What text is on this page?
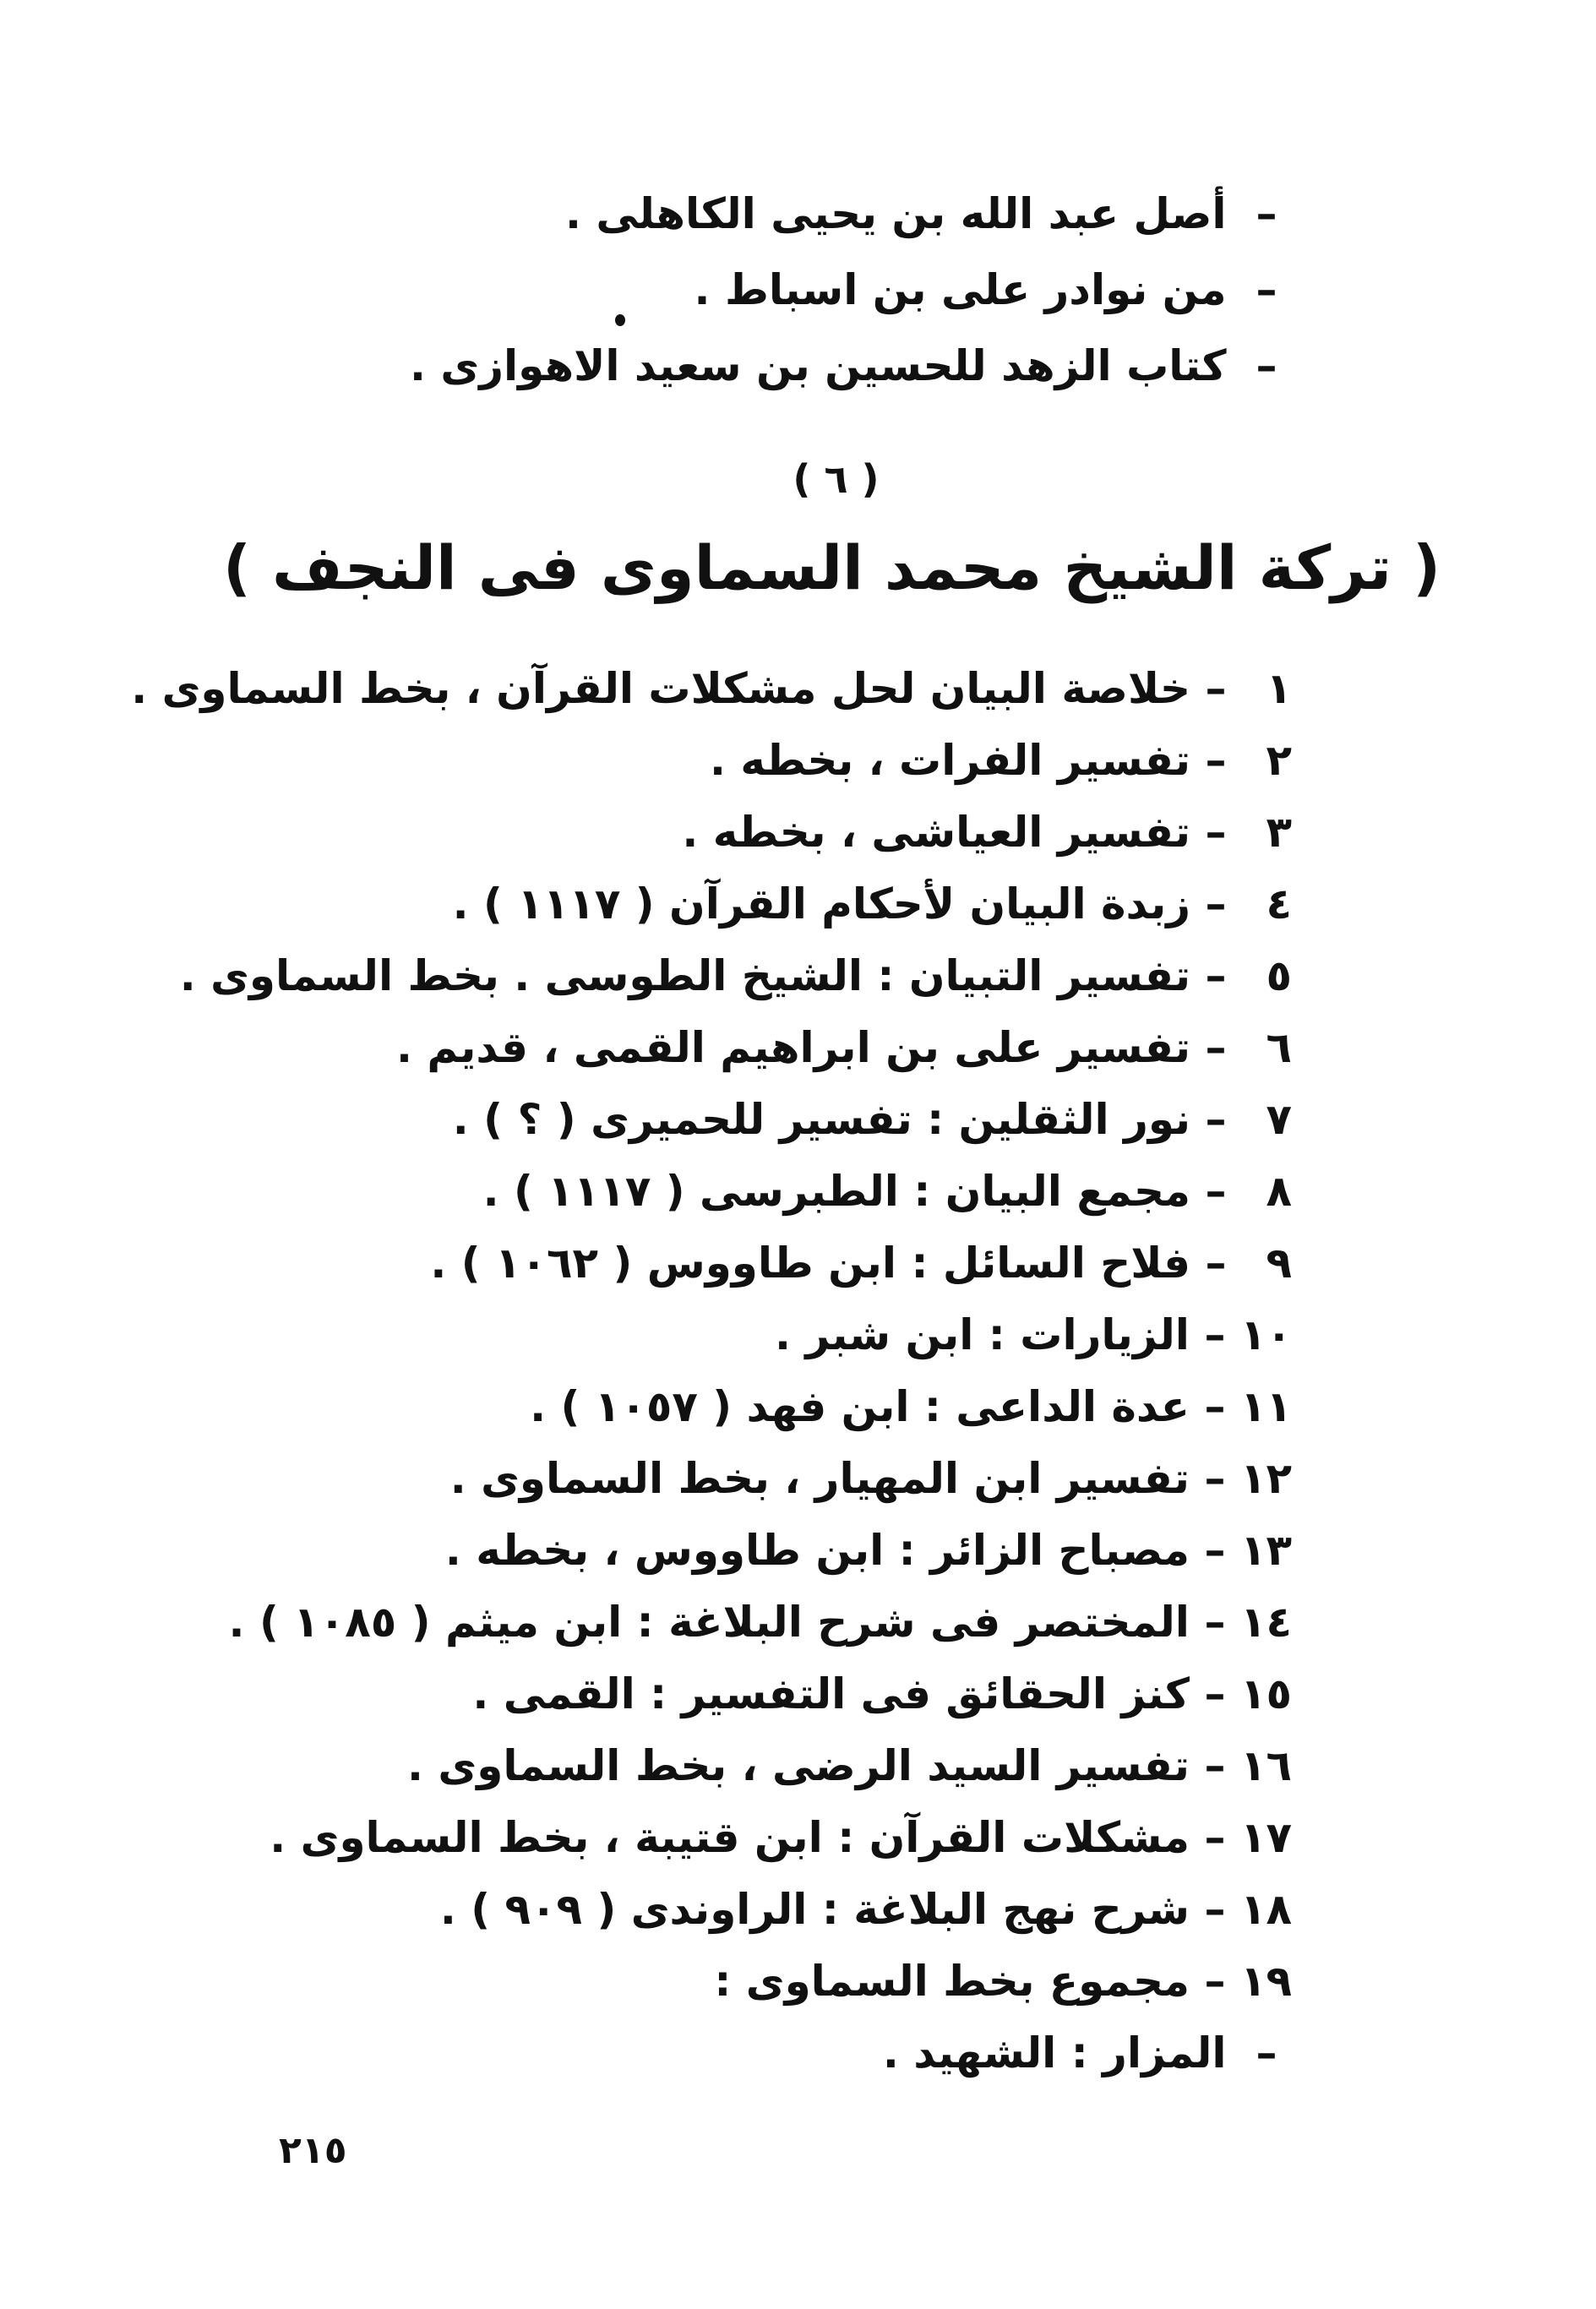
– أصل عبد الله بن يحيى الكاهلى .
– من نوادر على بن اسباط .
– كتاب الزهد للحسين بن سعيد الاهوازى .
( ٦ )
( تركة الشيخ محمد السماوى فى النجف )
١
–
خلاصة البيان لحل مشكلات القرآن ، بخط السماوى .
٢
–
تفسير الفرات ، بخطه .
٣
–
تفسير العياشى ، بخطه .
٤
–
زبدة البيان لأحكام القرآن ( ١١١٧ ) .
٥
–
تفسير التبيان : الشيخ الطوسى . بخط السماوى .
٦
–
تفسير على بن ابراهيم القمى ، قديم .
٧
–
نور الثقلين : تفسير للحميرى ( ؟ ) .
٨
–
مجمع البيان : الطبرسى ( ١١١٧ ) .
٩
–
فلاح السائل : ابن طاووس ( ١٠٦٢ ) .
١٠
–
الزيارات : ابن شبر .
١١
–
عدة الداعى : ابن فهد ( ١٠٥٧ ) .
١٢
–
تفسير ابن المهيار ، بخط السماوى .
١٣
–
مصباح الزائر : ابن طاووس ، بخطه .
١٤
–
المختصر فى شرح البلاغة : ابن ميثم ( ١٠٨٥ ) .
١٥
–
كنز الحقائق فى التفسير : القمى .
١٦
–
تفسير السيد الرضى ، بخط السماوى .
١٧
–
مشكلات القرآن : ابن قتيبة ، بخط السماوى .
١٨
–
شرح نهج البلاغة : الراوندى ( ٩٠٩ ) .
١٩
–
مجموع بخط السماوى :
– المزار : الشهيد .
٢١٥
